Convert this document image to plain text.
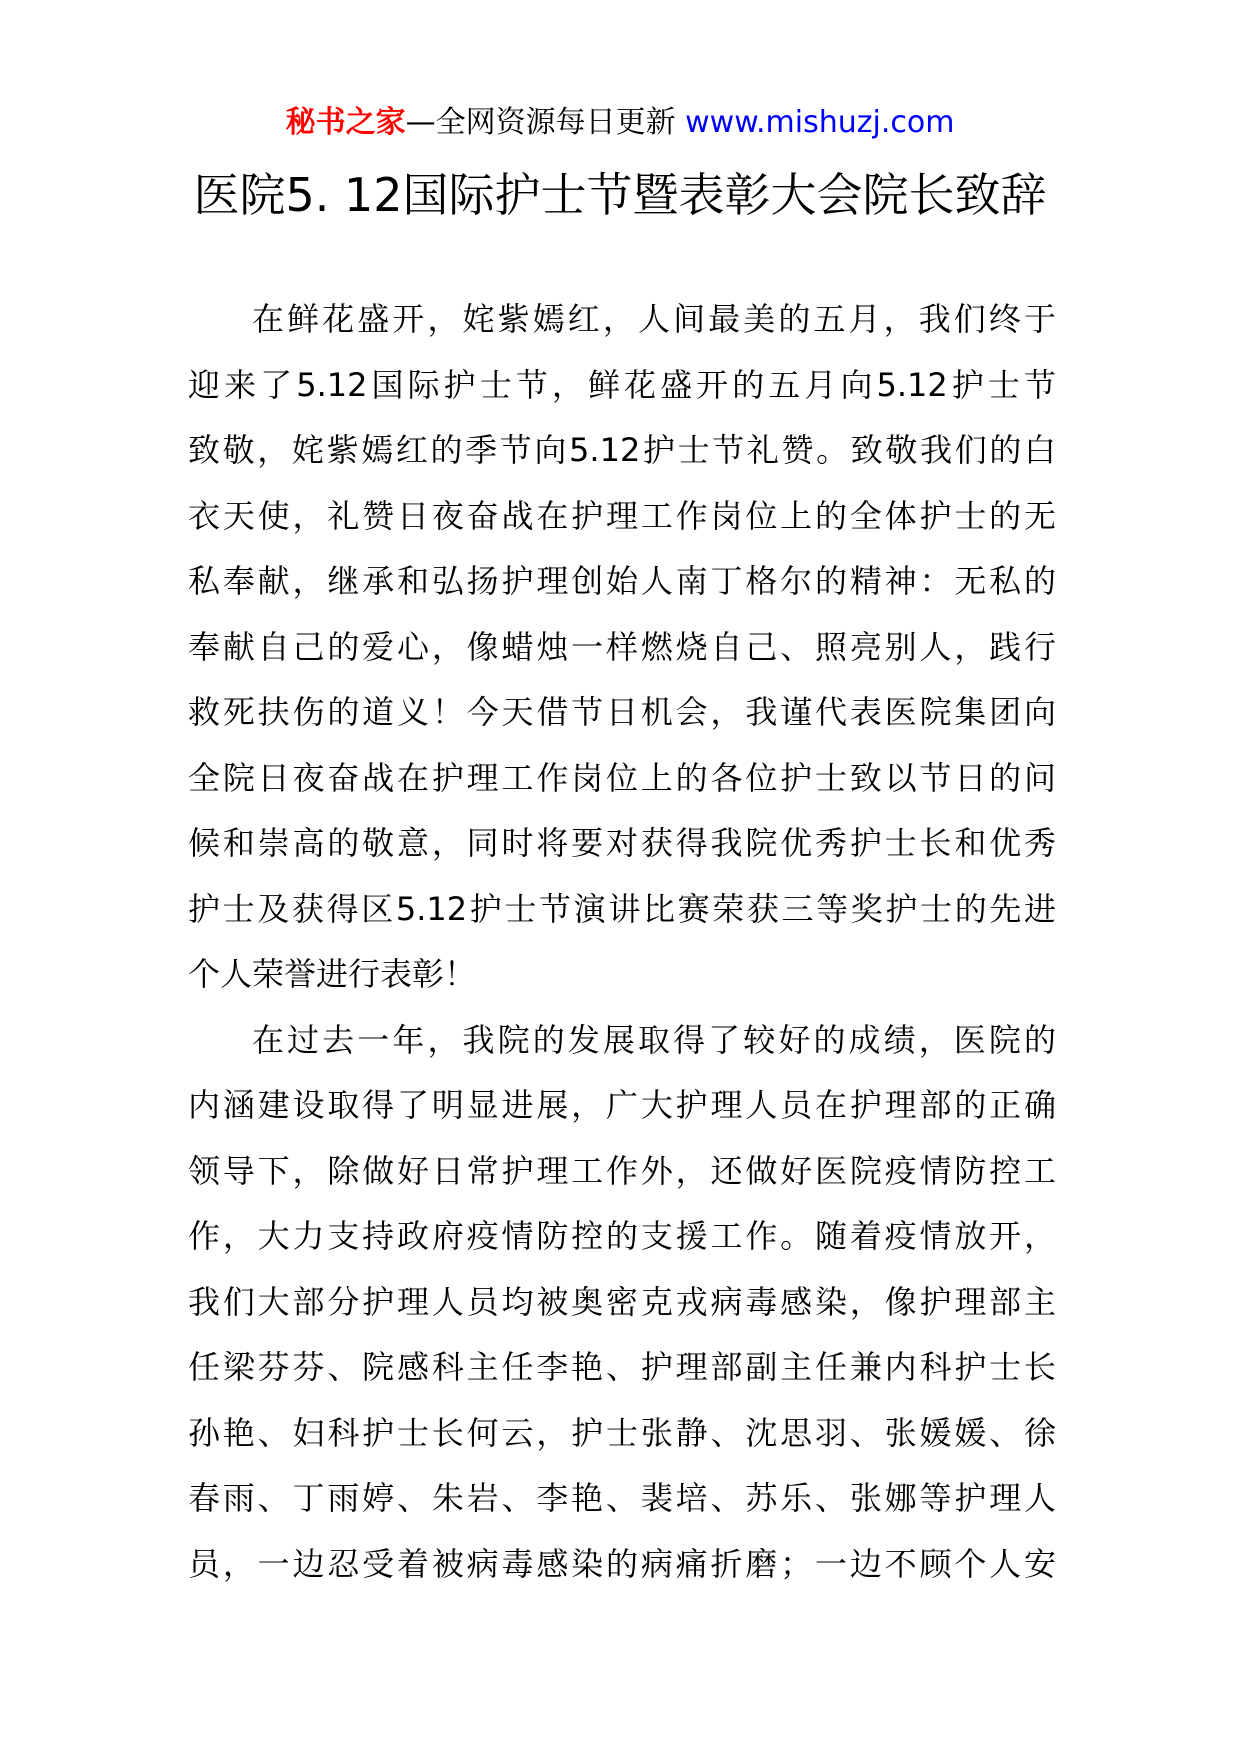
秘书之家—全网资源每日更新 www.mishuzj.com
医院5. 12国际护士节暨表彰大会院长致辞
在鲜花盛开，姹紫嫣红，人间最美的五月，我们终于
迎来了5.12国际护士节，鲜花盛开的五月向5.12护士节
致敬，姹紫嫣红的季节向5.12护士节礼赞。致敬我们的白
衣天使，礼赞日夜奋战在护理工作岗位上的全体护士的无
私奉献，继承和弘扬护理创始人南丁格尔的精神：无私的
奉献自己的爱心，像蜡烛一样燃烧自己、照亮别人，践行
救死扶伤的道义！今天借节日机会，我谨代表医院集团向
全院日夜奋战在护理工作岗位上的各位护士致以节日的问
候和崇高的敬意，同时将要对获得我院优秀护士长和优秀
护士及获得区5.12护士节演讲比赛荣获三等奖护士的先进
个人荣誉进行表彰！
在过去一年，我院的发展取得了较好的成绩，医院的
内涵建设取得了明显进展，广大护理人员在护理部的正确
领导下，除做好日常护理工作外，还做好医院疫情防控工
作，大力支持政府疫情防控的支援工作。随着疫情放开，
我们大部分护理人员均被奥密克戎病毒感染，像护理部主
任梁芬芬、院感科主任李艳、护理部副主任兼内科护士长
孙艳、妇科护士长何云，护士张静、沈思羽、张媛媛、徐
春雨、丁雨婷、朱岩、李艳、裴培、苏乐、张娜等护理人
员，一边忍受着被病毒感染的病痛折磨；一边不顾个人安
